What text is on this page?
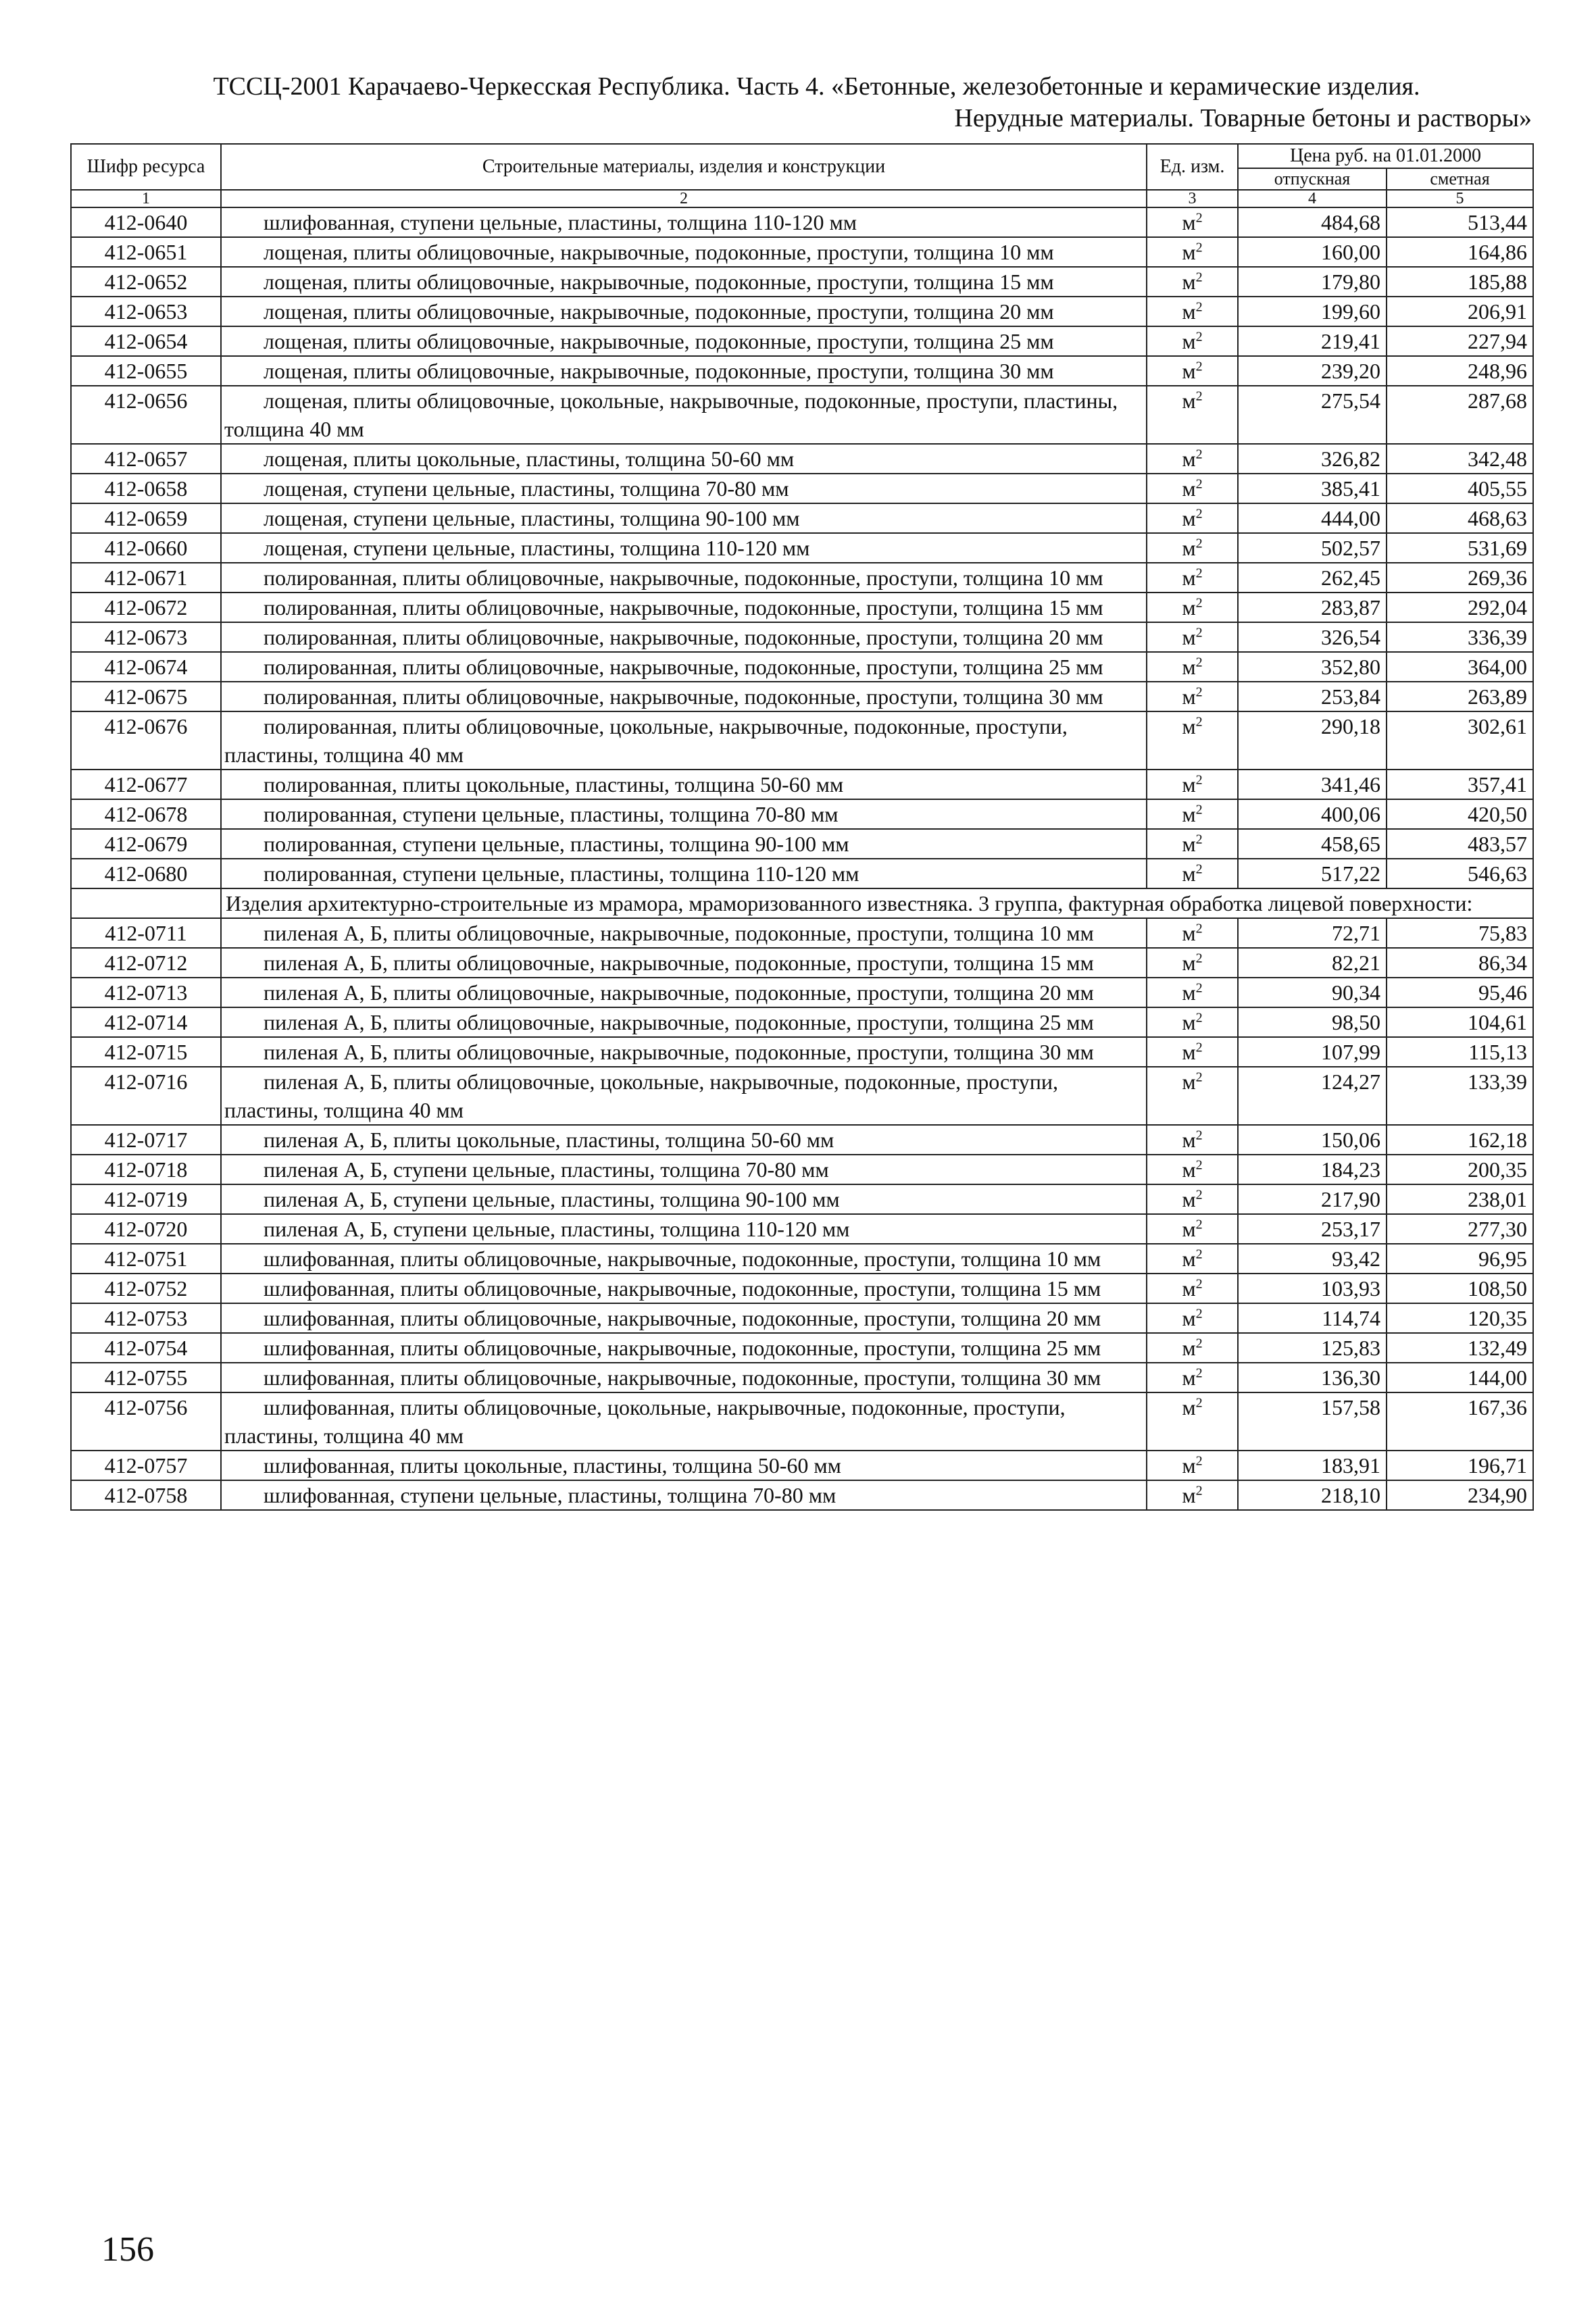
ТССЦ-2001 Карачаево-Черкесская Республика. Часть 4. «Бетонные, железобетонные и керамические изделия.
Нерудные материалы. Товарные бетоны и растворы»
Шифр ресурса	Строительные материалы, изделия и конструкции	Ед. изм.	Цена руб. на 01.01.2000	
			отпускная	сметная
1	2	3	4	5
412-0640	шлифованная, ступени цельные, пластины, толщина 110-120 мм	$м^2$	484,68	513,44
412-0651	лощеная, плиты облицовочные, накрывочные, подоконные, проступи, толщина 10 мм	$м^2$	160,00	164,86
412-0652	лощеная, плиты облицовочные, накрывочные, подоконные, проступи, толщина 15 мм	$м^2$	179,80	185,88
412-0653	лощеная, плиты облицовочные, накрывочные, подоконные, проступи, толщина 20 мм	$м^2$	199,60	206,91
412-0654	лощеная, плиты облицовочные, накрывочные, подоконные, проступи, толщина 25 мм	$м^2$	219,41	227,94
412-0655	лощеная, плиты облицовочные, накрывочные, подоконные, проступи, толщина 30 мм	$м^2$	239,20	248,96
412-0656	лощеная, плиты облицовочные, цокольные, накрывочные, подоконные, проступи, пластины, толщина 40 мм	$м^2$	275,54	287,68
412-0657	лощеная, плиты цокольные, пластины, толщина 50-60 мм	$м^2$	326,82	342,48
412-0658	лощеная, ступени цельные, пластины, толщина 70-80 мм	$м^2$	385,41	405,55
412-0659	лощеная, ступени цельные, пластины, толщина 90-100 мм	$м^2$	444,00	468,63
412-0660	лощеная, ступени цельные, пластины, толщина 110-120 мм	$м^2$	502,57	531,69
412-0671	полированная, плиты облицовочные, накрывочные, подоконные, проступи, толщина 10 мм	$м^2$	262,45	269,36
412-0672	полированная, плиты облицовочные, накрывочные, подоконные, проступи, толщина 15 мм	$м^2$	283,87	292,04
412-0673	полированная, плиты облицовочные, накрывочные, подоконные, проступи, толщина 20 мм	$м^2$	326,54	336,39
412-0674	полированная, плиты облицовочные, накрывочные, подоконные, проступи, толщина 25 мм	$м^2$	352,80	364,00
412-0675	полированная, плиты облицовочные, накрывочные, подоконные, проступи, толщина 30 мм	$м^2$	253,84	263,89
412-0676	полированная, плиты облицовочные, цокольные, накрывочные, подоконные, проступи, пластины, толщина 40 мм	$м^2$	290,18	302,61
412-0677	полированная, плиты цокольные, пластины, толщина 50-60 мм	$м^2$	341,46	357,41
412-0678	полированная, ступени цельные, пластины, толщина 70-80 мм	$м^2$	400,06	420,50
412-0679	полированная, ступени цельные, пластины, толщина 90-100 мм	$м^2$	458,65	483,57
412-0680	полированная, ступени цельные, пластины, толщина 110-120 мм	$м^2$	517,22	546,63
	Изделия архитектурно-строительные из мрамора, мраморизованного известняка. 3 группа, фактурная обработка лицевой поверхности:			
412-0711	пиленая А, Б, плиты облицовочные, накрывочные, подоконные, проступи, толщина 10 мм	$м^2$	72,71	75,83
412-0712	пиленая А, Б, плиты облицовочные, накрывочные, подоконные, проступи, толщина 15 мм	$м^2$	82,21	86,34
412-0713	пиленая А, Б, плиты облицовочные, накрывочные, подоконные, проступи, толщина 20 мм	$м^2$	90,34	95,46
412-0714	пиленая А, Б, плиты облицовочные, накрывочные, подоконные, проступи, толщина 25 мм	$м^2$	98,50	104,61
412-0715	пиленая А, Б, плиты облицовочные, накрывочные, подоконные, проступи, толщина 30 мм	$м^2$	107,99	115,13
412-0716	пиленая А, Б, плиты облицовочные, цокольные, накрывочные, подоконные, проступи, пластины, толщина 40 мм	$м^2$	124,27	133,39
412-0717	пиленая А, Б, плиты цокольные, пластины, толщина 50-60 мм	$м^2$	150,06	162,18
412-0718	пиленая А, Б, ступени цельные, пластины, толщина 70-80 мм	$м^2$	184,23	200,35
412-0719	пиленая А, Б, ступени цельные, пластины, толщина 90-100 мм	$м^2$	217,90	238,01
412-0720	пиленая А, Б, ступени цельные, пластины, толщина 110-120 мм	$м^2$	253,17	277,30
412-0751	шлифованная, плиты облицовочные, накрывочные, подоконные, проступи, толщина 10 мм	$м^2$	93,42	96,95
412-0752	шлифованная, плиты облицовочные, накрывочные, подоконные, проступи, толщина 15 мм	$м^2$	103,93	108,50
412-0753	шлифованная, плиты облицовочные, накрывочные, подоконные, проступи, толщина 20 мм	$м^2$	114,74	120,35
412-0754	шлифованная, плиты облицовочные, накрывочные, подоконные, проступи, толщина 25 мм	$м^2$	125,83	132,49
412-0755	шлифованная, плиты облицовочные, накрывочные, подоконные, проступи, толщина 30 мм	$м^2$	136,30	144,00
412-0756	шлифованная, плиты облицовочные, цокольные, накрывочные, подоконные, проступи, пластины, толщина 40 мм	$м^2$	157,58	167,36
412-0757	шлифованная, плиты цокольные, пластины, толщина 50-60 мм	$м^2$	183,91	196,71
412-0758	шлифованная, ступени цельные, пластины, толщина 70-80 мм	$м^2$	218,10	234,90
156
